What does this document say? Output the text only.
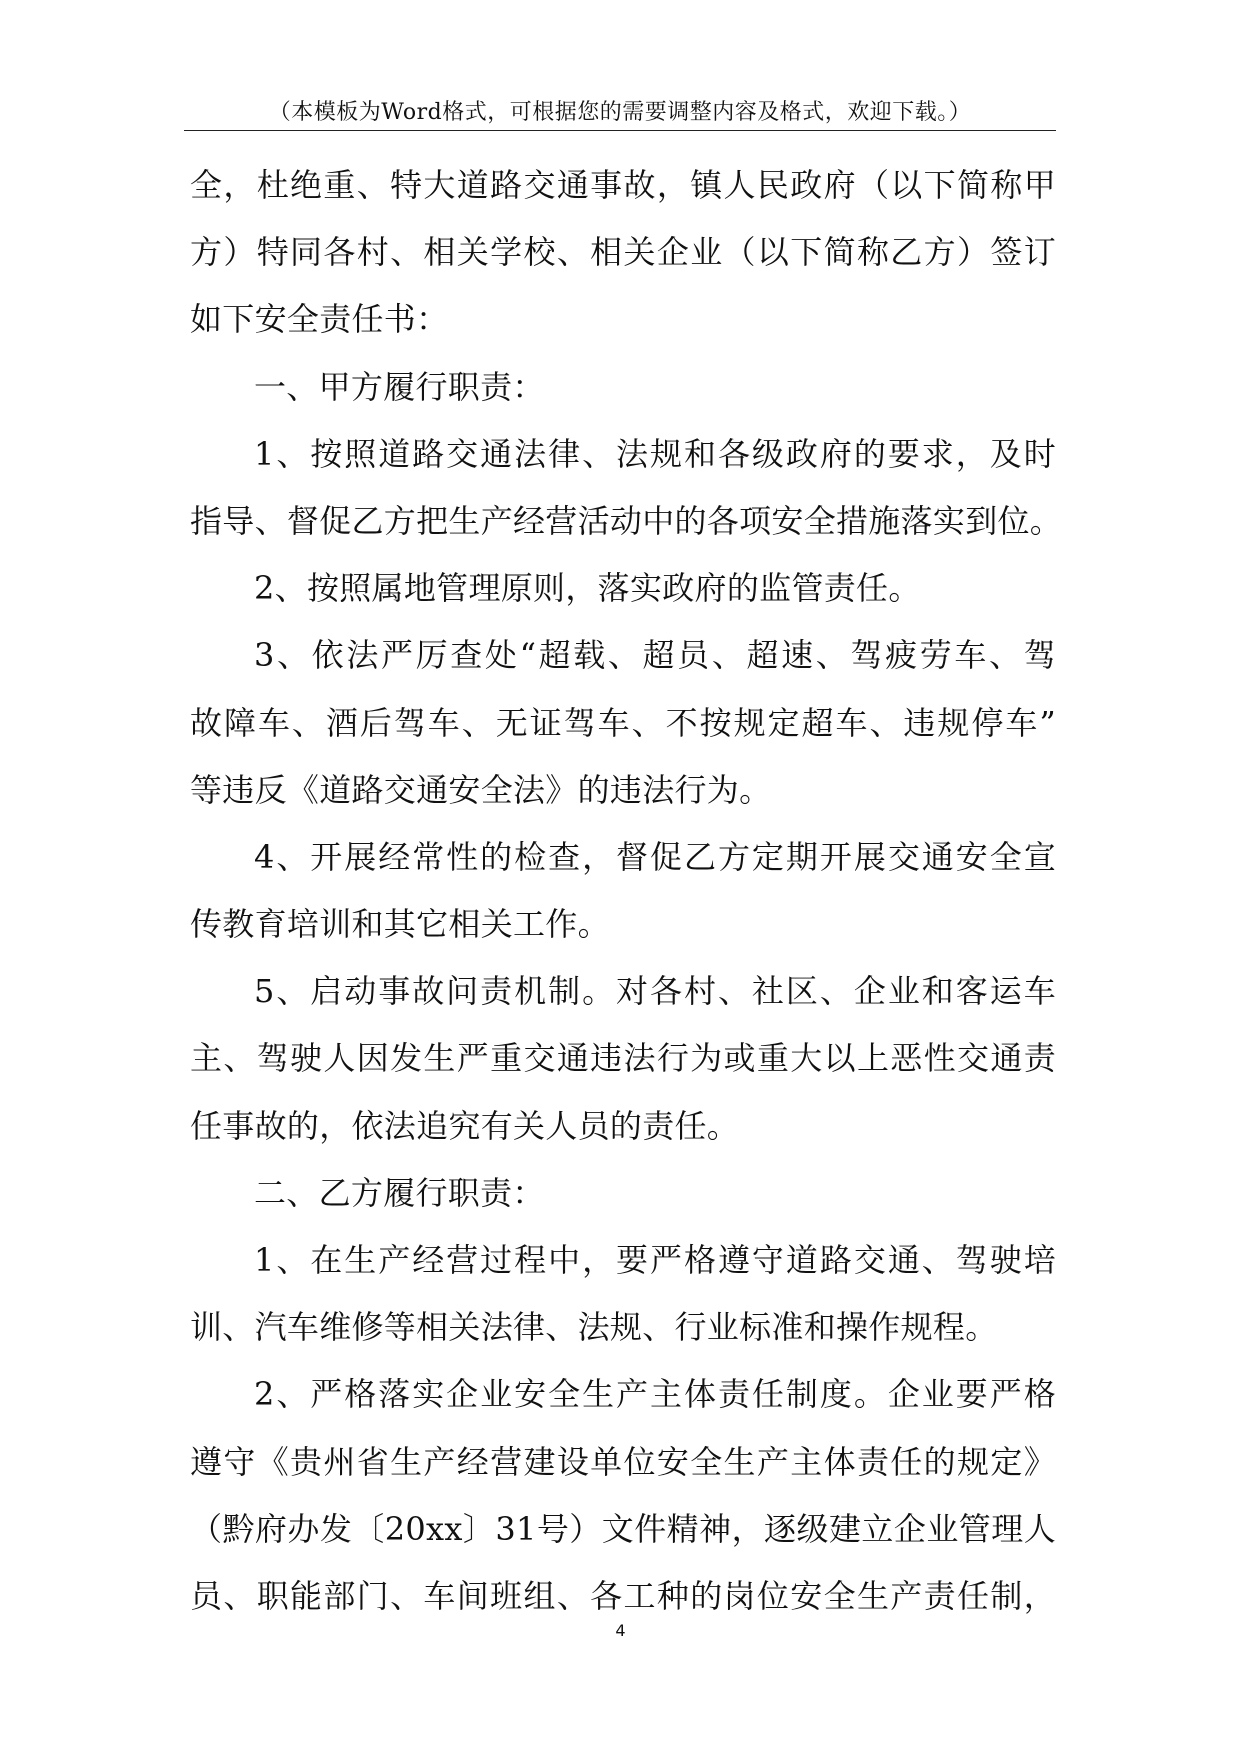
（本模板为Word格式，可根据您的需要调整内容及格式，欢迎下载。）
全，杜绝重、特大道路交通事故，镇人民政府（以下简称甲
方）特同各村、相关学校、相关企业（以下简称乙方）签订
如下安全责任书：
一、甲方履行职责：
1、按照道路交通法律、法规和各级政府的要求，及时
指导、督促乙方把生产经营活动中的各项安全措施落实到位。
2、按照属地管理原则，落实政府的监管责任。
3、依法严厉查处“超载、超员、超速、驾疲劳车、驾
故障车、酒后驾车、无证驾车、不按规定超车、违规停车”
等违反《道路交通安全法》的违法行为。
4、开展经常性的检查，督促乙方定期开展交通安全宣
传教育培训和其它相关工作。
5、启动事故问责机制。对各村、社区、企业和客运车
主、驾驶人因发生严重交通违法行为或重大以上恶性交通责
任事故的，依法追究有关人员的责任。
二、乙方履行职责：
1、在生产经营过程中，要严格遵守道路交通、驾驶培
训、汽车维修等相关法律、法规、行业标准和操作规程。
2、严格落实企业安全生产主体责任制度。企业要严格
遵守《贵州省生产经营建设单位安全生产主体责任的规定》
（黔府办发〔20xx〕31号）文件精神，逐级建立企业管理人
员、职能部门、车间班组、各工种的岗位安全生产责任制，
4
